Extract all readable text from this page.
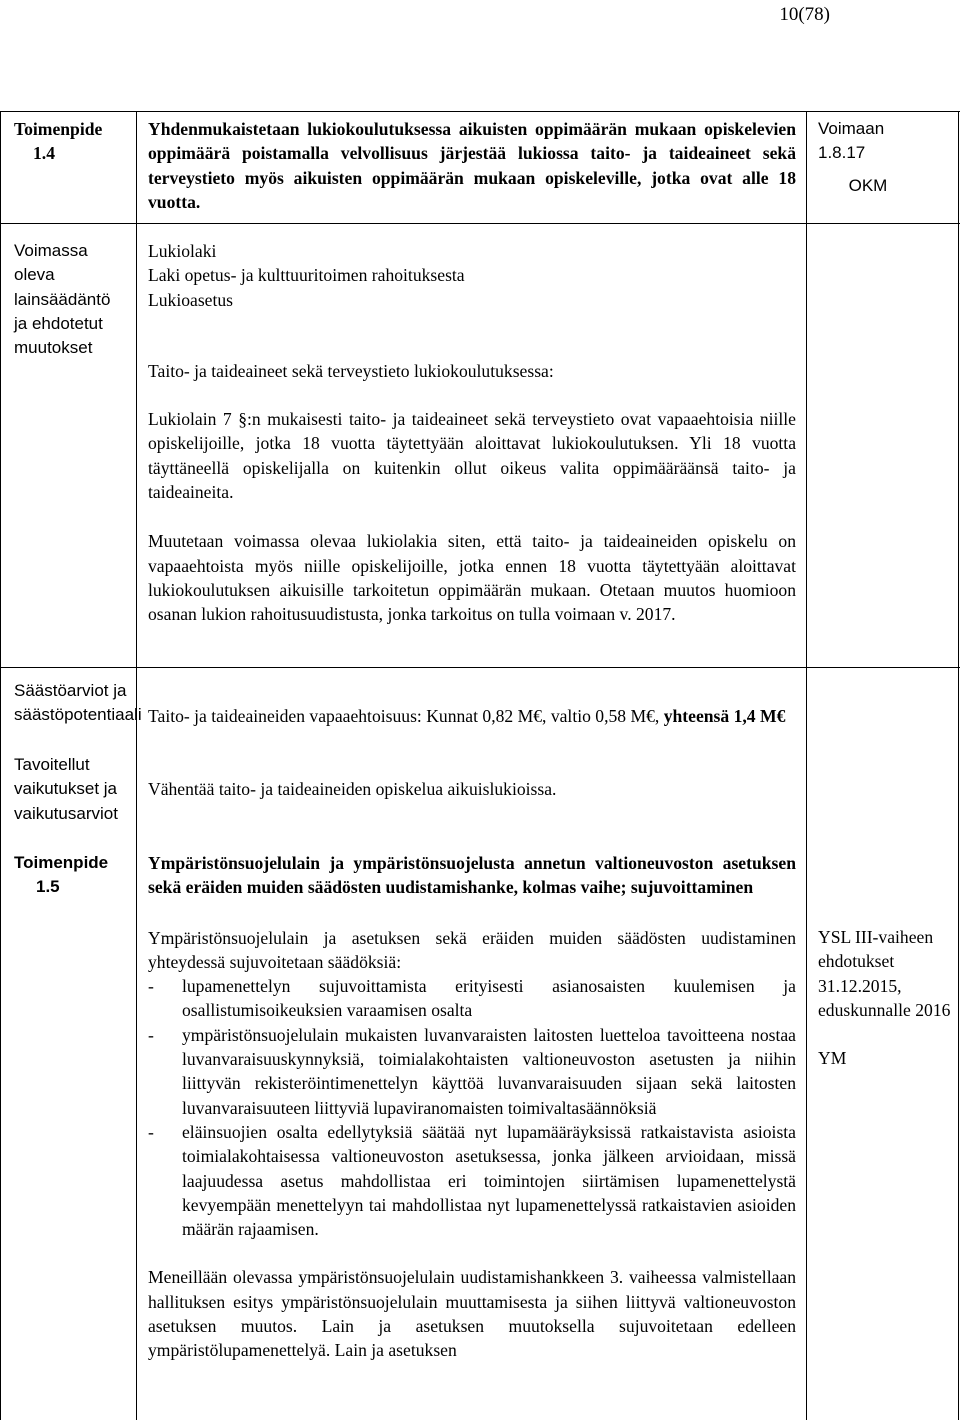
10(78)
Toimenpide
1.4
Yhdenmukaistetaan lukiokoulutuksessa aikuisten oppimäärän mukaan opiskelevien oppimäärä poistamalla velvollisuus järjestää lukiossa taito- ja taideaineet sekä terveystieto myös aikuisten oppimäärän mukaan opiskeleville, jotka ovat alle 18 vuotta.
Voimaan
1.8.17
OKM
Voimassa oleva lainsäädäntö ja ehdotetut muutokset
Lukiolaki
Laki opetus- ja kulttuuritoimen rahoituksesta
Lukioasetus
Taito- ja taideaineet sekä terveystieto lukiokoulutuksessa:
Lukiolain 7 §:n mukaisesti taito- ja taideaineet sekä terveystieto ovat vapaaehtoisia niille opiskelijoille, jotka 18 vuotta täytettyään aloittavat lukiokoulutuksen. Yli 18 vuotta täyttäneellä opiskelijalla on kuitenkin ollut oikeus valita oppimääräänsä taito- ja taideaineita.
Muutetaan voimassa olevaa lukiolakia siten, että taito- ja taideaineiden opiskelu on vapaaehtoista myös niille opiskelijoille, jotka ennen 18 vuotta täytettyään aloittavat lukiokoulutuksen aikuisille tarkoitetun oppimäärän mukaan. Otetaan muutos huomioon osanan lukion rahoitusuudistusta, jonka tarkoitus on tulla voimaan v. 2017.
Säästöarviot ja säästöpotentiaali Taito- ja taideaineiden vapaaehtoisuus: Kunnat 0,82 M€, valtio 0,58 M€, yhteensä 1,4 M€
Tavoitellut vaikutukset ja vaikutusarviot
Vähentää taito- ja taideaineiden opiskelua aikuislukioissa.
Toimenpide
1.5
Ympäristönsuojelulain ja ympäristönsuojelusta annetun valtioneuvoston asetuksen sekä eräiden muiden säädösten uudistamishanke, kolmas vaihe; sujuvoittaminen
Ympäristönsuojelulain ja asetuksen sekä eräiden muiden säädösten uudistaminen yhteydessä sujuvoitetaan säädöksiä:
- lupamenettelyn sujuvoittamista erityisesti asianosaisten kuulemisen ja osallistumisoikeuksien varaamisen osalta
- ympäristönsuojelulain mukaisten luvanvaraisten laitosten luetteloa tavoitteena nostaa luvanvaraisuuskynnyksiä, toimialakohtaisten valtioneuvoston asetusten ja niihin liittyvän rekisteröintimenettelyn käyttöä luvanvaraisuuden sijaan sekä laitosten luvanvaraisuuteen liittyviä lupaviranomaisten toimivaltasäännöksiä
- eläinsuojien osalta edellytyksiä säätää nyt lupamääräyksissä ratkaistavista asioista toimialakohtaisessa valtioneuvoston asetuksessa, jonka jälkeen arvioidaan, missä laajuudessa asetus mahdollistaa eri toimintojen siirtämisen lupamenettelystä kevyempään menettelyyn tai mahdollistaa nyt lupamenettelyssä ratkaistavien asioiden määrän rajaamisen.
Meneillään olevassa ympäristönsuojelulain uudistamishankkeen 3. vaiheessa valmistellaan hallituksen esitys ympäristönsuojelulain muuttamisesta ja siihen liittyvä valtioneuvoston asetuksen muutos. Lain ja asetuksen muutoksella sujuvoitetaan edelleen ympäristölupamenettelyä. Lain ja asetuksen
YSL III-vaiheen ehdotukset 31.12.2015, eduskunnalle 2016
YM
